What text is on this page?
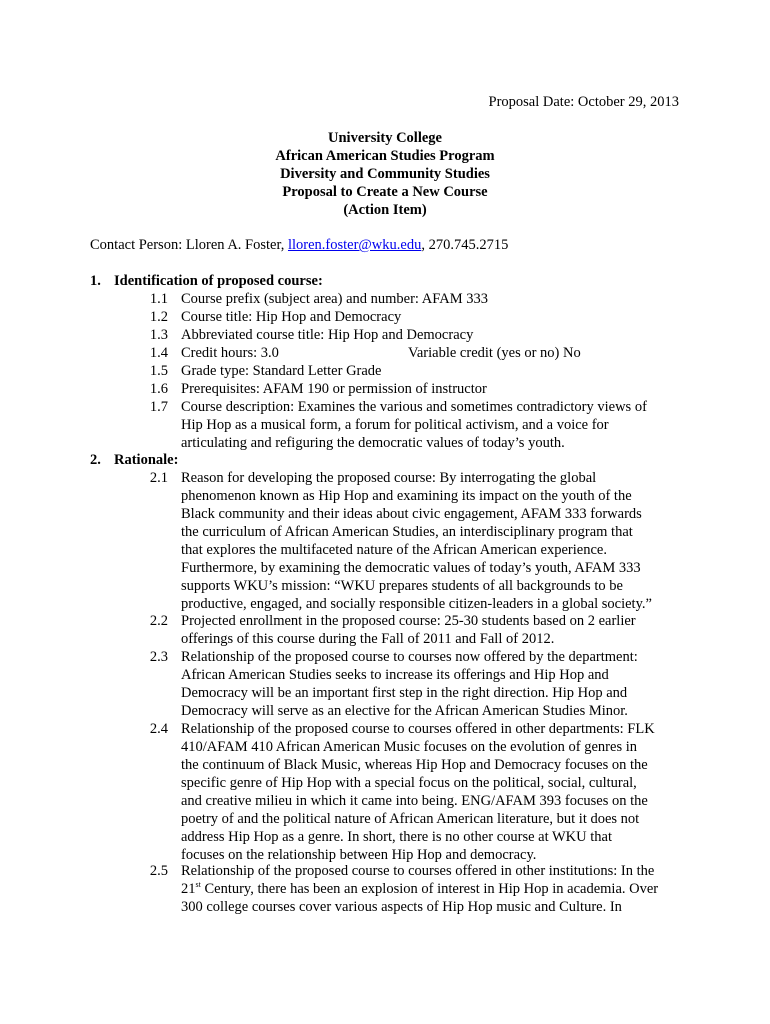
Proposal Date: October 29, 2013
University College
African American Studies Program
Diversity and Community Studies
Proposal to Create a New Course
(Action Item)
Contact Person: Lloren A. Foster, lloren.foster@wku.edu, 270.745.2715
1. Identification of proposed course:
1.1 Course prefix (subject area) and number: AFAM 333
1.2 Course title: Hip Hop and Democracy
1.3 Abbreviated course title: Hip Hop and Democracy
1.4 Credit hours: 3.0	Variable credit (yes or no) No
1.5 Grade type: Standard Letter Grade
1.6 Prerequisites: AFAM 190 or permission of instructor
1.7 Course description: Examines the various and sometimes contradictory views of
Hip Hop as a musical form, a forum for political activism, and a voice for
articulating and refiguring the democratic values of today’s youth.
2. Rationale:
2.1 Reason for developing the proposed course: By interrogating the global
phenomenon known as Hip Hop and examining its impact on the youth of the
Black community and their ideas about civic engagement, AFAM 333 forwards
the curriculum of African American Studies, an interdisciplinary program that
that explores the multifaceted nature of the African American experience.
Furthermore, by examining the democratic values of today’s youth, AFAM 333
supports WKU’s mission: “WKU prepares students of all backgrounds to be
productive, engaged, and socially responsible citizen-leaders in a global society.”
2.2 Projected enrollment in the proposed course: 25-30 students based on 2 earlier
offerings of this course during the Fall of 2011 and Fall of 2012.
2.3 Relationship of the proposed course to courses now offered by the department:
African American Studies seeks to increase its offerings and Hip Hop and
Democracy will be an important first step in the right direction. Hip Hop and
Democracy will serve as an elective for the African American Studies Minor.
2.4 Relationship of the proposed course to courses offered in other departments: FLK
410/AFAM 410 African American Music focuses on the evolution of genres in
the continuum of Black Music, whereas Hip Hop and Democracy focuses on the
specific genre of Hip Hop with a special focus on the political, social, cultural,
and creative milieu in which it came into being. ENG/AFAM 393 focuses on the
poetry of and the political nature of African American literature, but it does not
address Hip Hop as a genre. In short, there is no other course at WKU that
focuses on the relationship between Hip Hop and democracy.
2.5 Relationship of the proposed course to courses offered in other institutions: In the
21st Century, there has been an explosion of interest in Hip Hop in academia. Over
300 college courses cover various aspects of Hip Hop music and Culture. In
